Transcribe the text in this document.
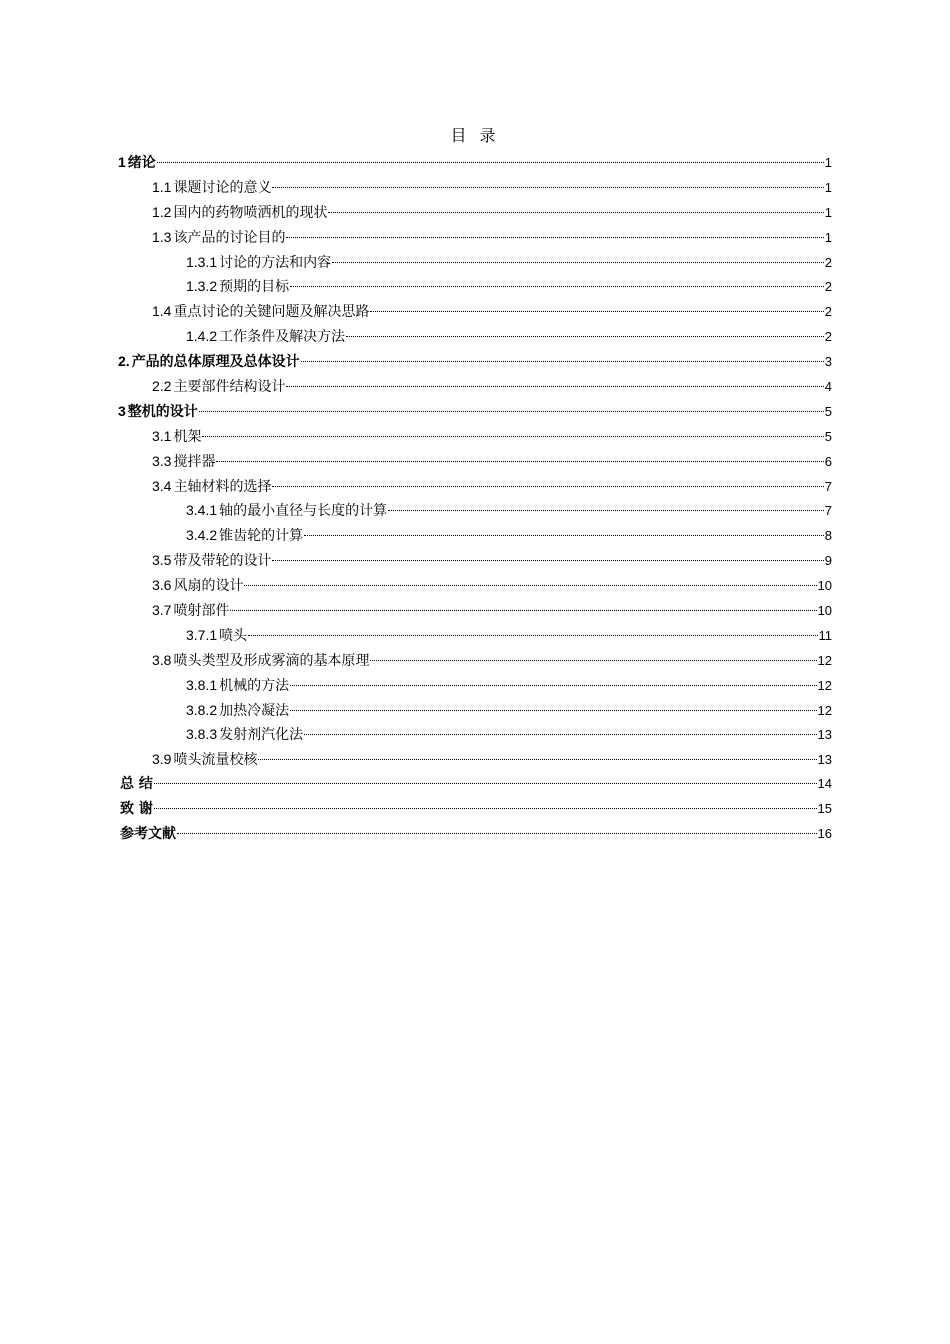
目 录
1 绪论	1
1.1 课题讨论的意义	1
1.2 国内的药物喷洒机的现状	1
1.3 该产品的讨论目的	1
1.3.1 讨论的方法和内容	2
1.3.2 预期的目标	2
1.4 重点讨论的关键问题及解决思路	2
1.4.2 工作条件及解决方法	2
2. 产品的总体原理及总体设计	3
2.2 主要部件结构设计	4
3 整机的设计	5
3.1 机架	5
3.3 搅拌器	6
3.4 主轴材料的选择	7
3.4.1 轴的最小直径与长度的计算	7
3.4.2 锥齿轮的计算	8
3.5 带及带轮的设计	9
3.6 风扇的设计	10
3.7 喷射部件	10
3.7.1 喷头	11
3.8 喷头类型及形成雾滴的基本原理	12
3.8.1 机械的方法	12
3.8.2 加热冷凝法	12
3.8.3 发射剂汽化法	13
3.9 喷头流量校核	13
总 结	14
致 谢	15
参考文献	16
